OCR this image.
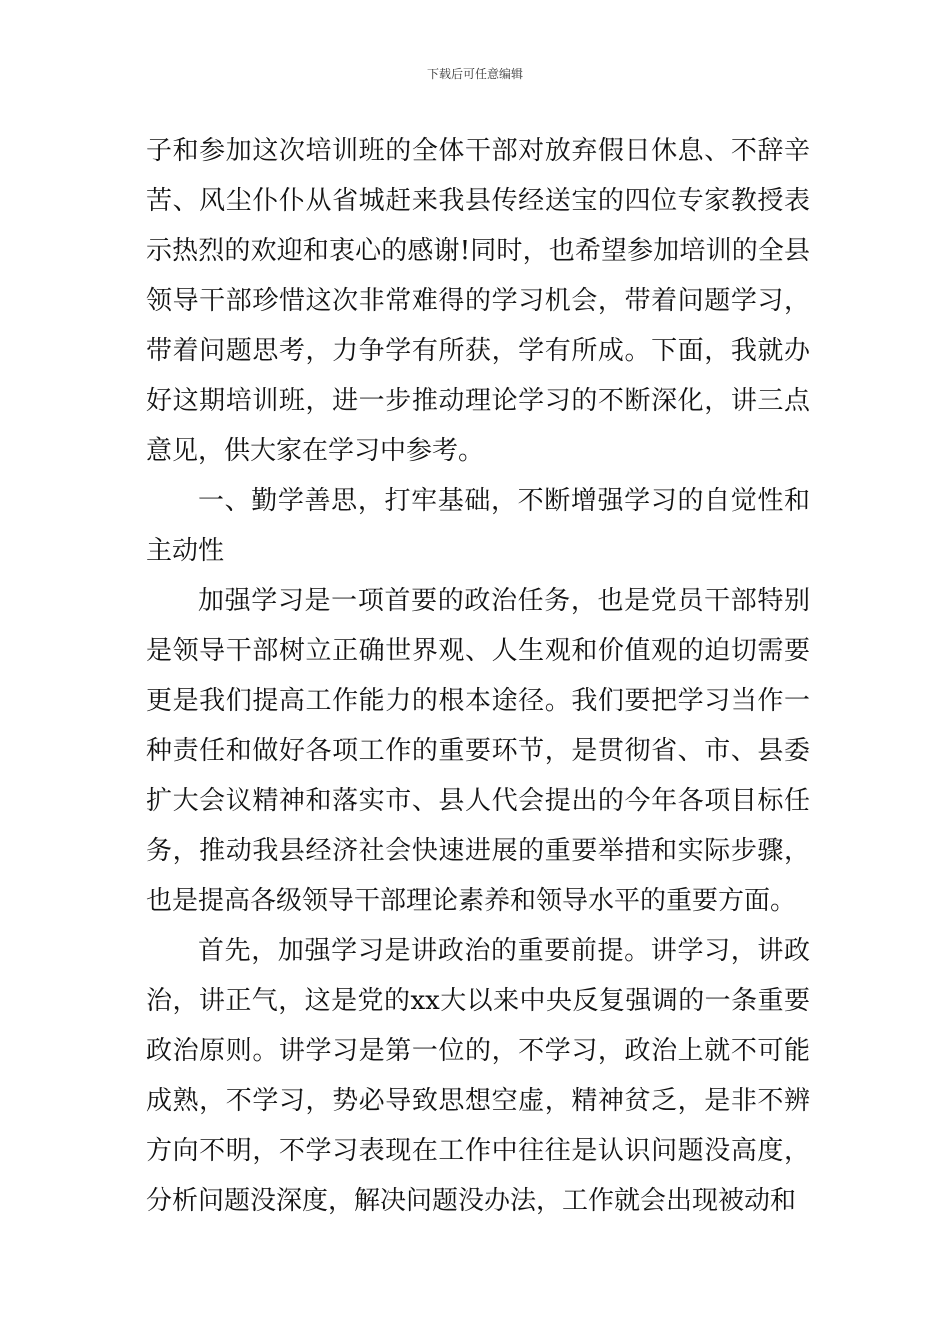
下载后可任意编辑

子和参加这次培训班的全体干部对放弃假日休息、不辞辛苦、风尘仆仆从省城赶来我县传经送宝的四位专家教授表示热烈的欢迎和衷心的感谢!同时，也希望参加培训的全县领导干部珍惜这次非常难得的学习机会，带着问题学习，带着问题思考，力争学有所获，学有所成。下面，我就办好这期培训班，进一步推动理论学习的不断深化，讲三点意见，供大家在学习中参考。

一、勤学善思，打牢基础，不断增强学习的自觉性和主动性

加强学习是一项首要的政治任务，也是党员干部特别是领导干部树立正确世界观、人生观和价值观的迫切需要更是我们提高工作能力的根本途径。我们要把学习当作一种责任和做好各项工作的重要环节，是贯彻省、市、县委扩大会议精神和落实市、县人代会提出的今年各项目标任务，推动我县经济社会快速进展的重要举措和实际步骤，也是提高各级领导干部理论素养和领导水平的重要方面。

首先，加强学习是讲政治的重要前提。讲学习，讲政治，讲正气，这是党的xx大以来中央反复强调的一条重要政治原则。讲学习是第一位的，不学习，政治上就不可能成熟，不学习，势必导致思想空虚，精神贫乏，是非不辨方向不明，不学习表现在工作中往往是认识问题没高度，分析问题没深度，解决问题没办法，工作就会出现被动和
